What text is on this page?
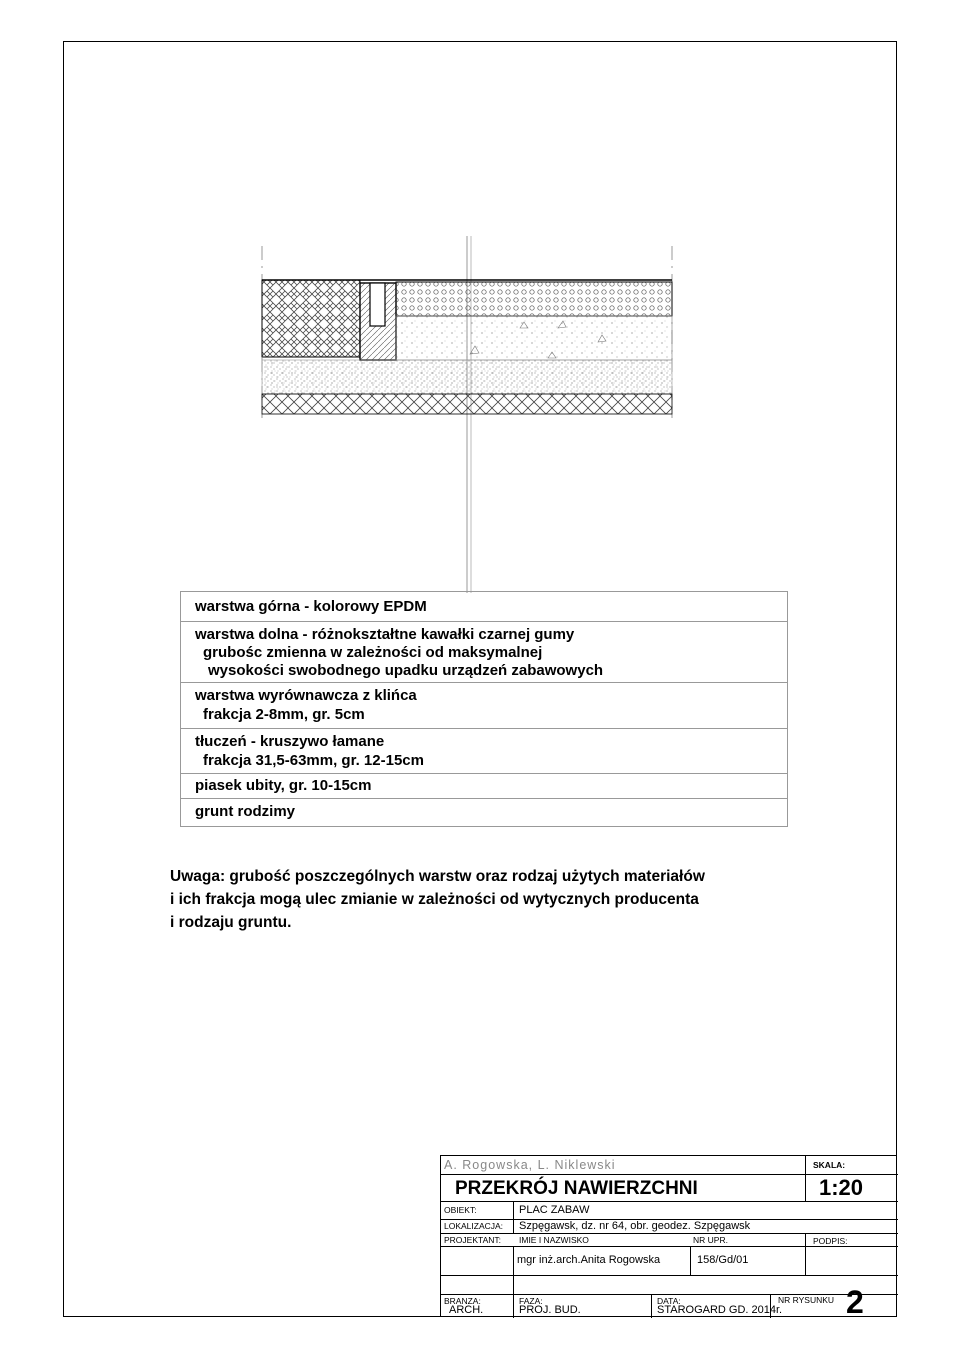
warstwa górna - kolorowy EPDM
warstwa dolna - różnokształtne kawałki czarnej gumy
grubośc zmienna w zależności od maksymalnej
wysokości swobodnego upadku urządzeń zabawowych
warstwa wyrównawcza z klińca
frakcja 2-8mm, gr. 5cm
tłuczeń - kruszywo łamane
frakcja 31,5-63mm, gr. 12-15cm
piasek ubity, gr. 10-15cm
grunt rodzimy
Uwaga: grubość poszczególnych warstw oraz rodzaj użytych materiałów
i ich frakcja mogą ulec zmianie w zależności od wytycznych producenta
i rodzaju gruntu.
A. Rogowska, L. Niklewski	SKALA:
PRZEKRÓJ NAWIERZCHNI	1:20
OBIEKT:	PLAC ZABAW
LOKALIZACJA: Szpęgawsk, dz. nr 64, obr. geodez. Szpęgawsk
PROJEKTANT: IMIE I NAZWISKO	NR UPR.	PODPIS:
mgr inż.arch.Anita Rogowska	158/Gd/01
BRANZA:
ARCH.
FAZA:
PROJ. BUD.
DATA:
STAROGARD GD. 2014r.
NR RYSUNKU 2
